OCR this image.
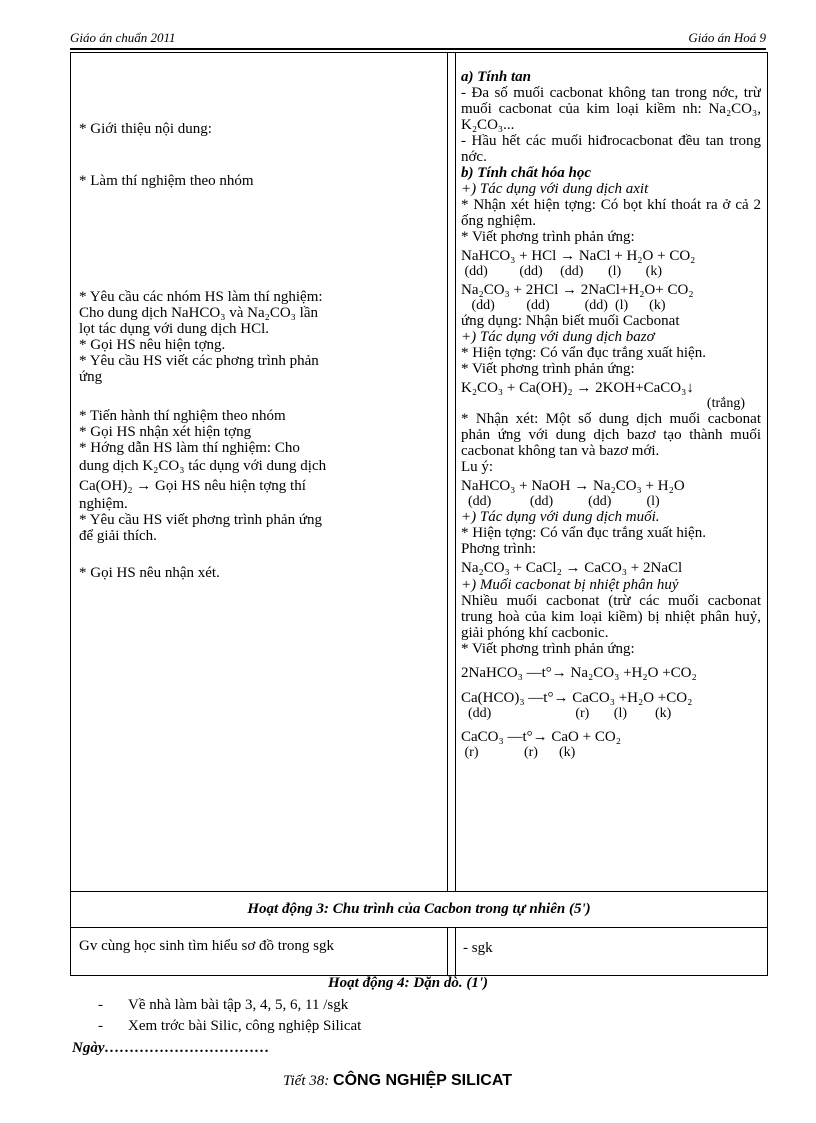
Giáo án chuẩn 2011	Giáo án Hoá 9
* Giới thiệu nội dung:
* Làm thí nghiệm theo nhóm
* Yêu cầu các nhóm HS làm thí nghiệm:
Cho dung dịch NaHCO₃ và Na₂CO₃ lần
lọt tác dụng với dung dịch HCl.
* Gọi HS nêu hiện tợng.
* Yêu cầu HS viết các phơng trình phản
ứng
* Tiến hành thí nghiệm theo nhóm
* Gọi HS nhận xét hiện tợng
* Hớng dẫn HS làm thí nghiệm: Cho
dung dịch K₂CO₃ tác dụng với dung dịch
Ca(OH)₂ → Gọi HS nêu hiện tợng thí
nghiệm.
* Yêu cầu HS viết phơng trình phản ứng
để giải thích.
* Gọi HS nêu nhận xét.
a) Tính tan
- Đa số muối cacbonat không tan trong nớc, trừ muối cacbonat của kim loại kiềm nh: Na₂CO₃, K₂CO₃...
- Hầu hết các muối hiđrocacbonat đều tan trong nớc.
b) Tính chất hóa học
+) Tác dụng với dung dịch axit
* Nhận xét hiện tợng: Có bọt khí thoát ra ở cả 2 ống nghiệm.
* Viết phơng trình phản ứng:
NaHCO₃ + HCl → NaCl + H₂O + CO₂
(dd)         (dd)     (dd)       (l)       (k)
Na₂CO₃ + 2HCl → 2NaCl+H₂O+ CO₂
(dd)         (dd)          (dd)  (l)      (k)
ứng dụng: Nhận biết muối Cacbonat
+) Tác dụng với dung dịch bazơ
* Hiện tợng: Có vẩn đục trắng xuất hiện.
* Viết phơng trình phản ứng:
K₂CO₃ + Ca(OH)₂ → 2KOH+CaCO₃↓
(trắng)
* Nhận xét: Một số dung dịch muối cacbonat phản ứng với dung dịch bazơ tạo thành muối cacbonat không tan và bazơ mới.
Lu ý:
NaHCO₃ + NaOH → Na₂CO₃ + H₂O
(dd)           (dd)          (dd)          (l)
+) Tác dụng với dung dịch muối.
* Hiện tợng: Có vẩn đục trắng xuất hiện.
Phơng trình:
Na₂CO₃ + CaCl₂ → CaCO₃ + 2NaCl
+) Muối cacbonat bị nhiệt phân huỷ
Nhiều muối cacbonat (trừ các muối cacbonat trung hoà của kim loại kiềm) bị nhiệt phân huỷ, giải phóng khí cacbonic.
* Viết phơng trình phản ứng:
2NaHCO₃ —t°→ Na₂CO₃ +H₂O +CO₂
Ca(HCO)₃ —t°→ CaCO₃ +H₂O +CO₂
(dd)                        (r)       (l)        (k)
CaCO₃ —t°→ CaO + CO₂
(r)             (r)      (k)
Hoạt động 3: Chu trình của Cacbon trong tự nhiên (5')
Gv cùng học sinh tìm hiểu sơ đồ trong sgk	- sgk
Hoạt động 4: Dặn dò. (1')
- Về nhà làm bài tập 3, 4, 5, 6, 11 /sgk
- Xem trớc bài Silic, công nghiệp Silicat
Ngày……………………………
Tiết 38: CÔNG NGHIỆP SILICAT
